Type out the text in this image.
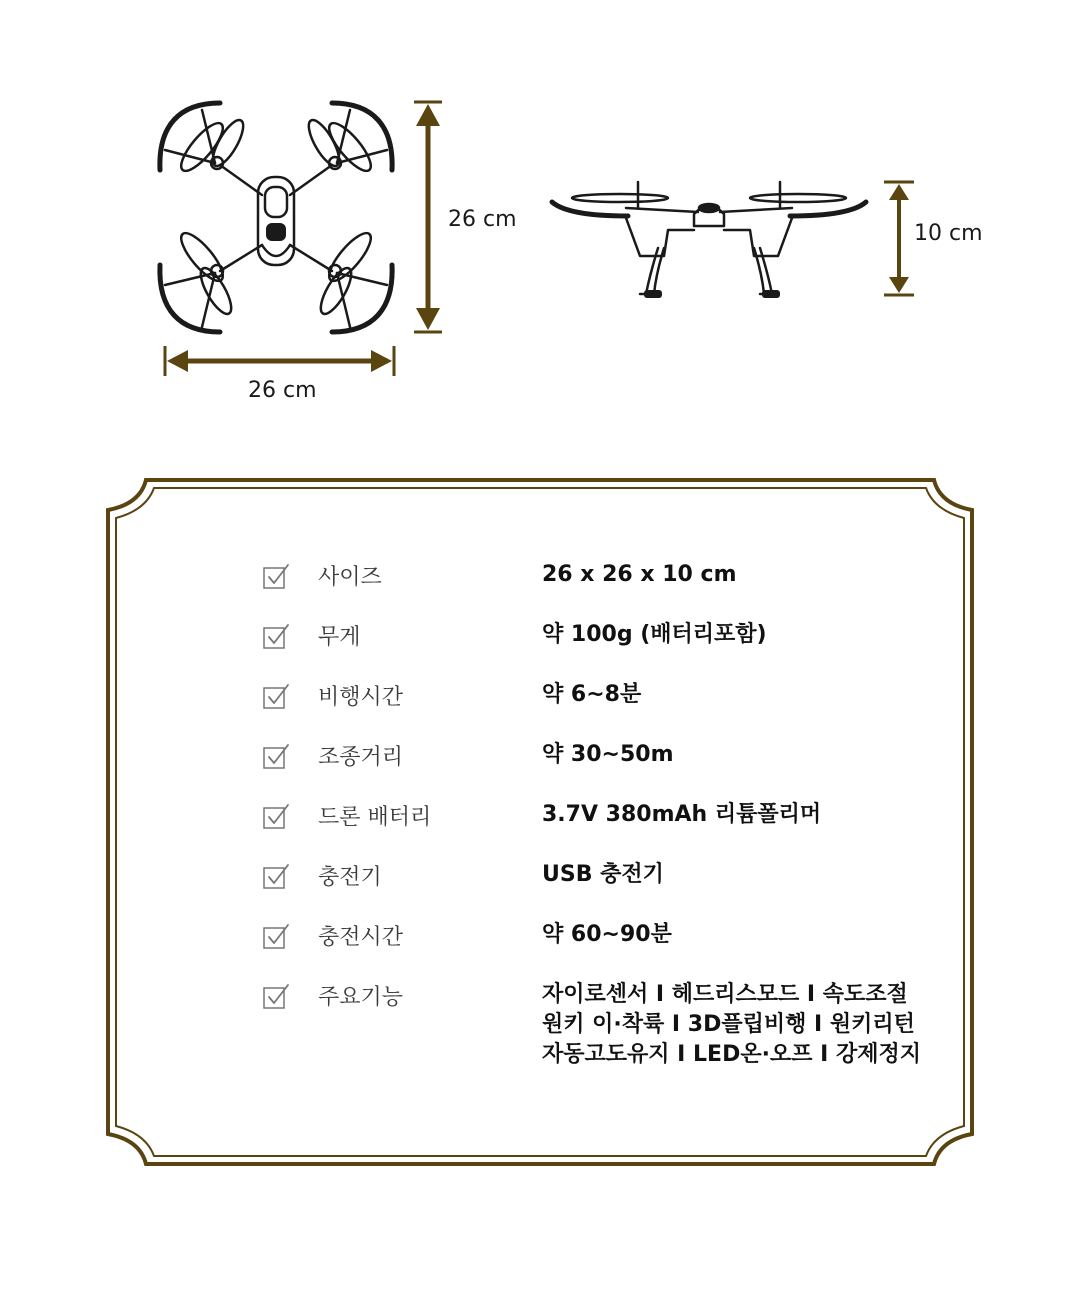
26 cm
26 cm
10 cm
사이즈	26 x 26 x 10 cm
무게	약 100g (배터리포함)
비행시간	약 6~8분
조종거리	약 30~50m
드론 배터리	3.7V 380mAh 리튬폴리머
충전기	USB 충전기
충전시간	약 60~90분
주요기능	자이로센서 I 헤드리스모드 I 속도조절
원키 이·착륙 I 3D플립비행 I 원키리턴
자동고도유지 I LED온·오프 I 강제정지
